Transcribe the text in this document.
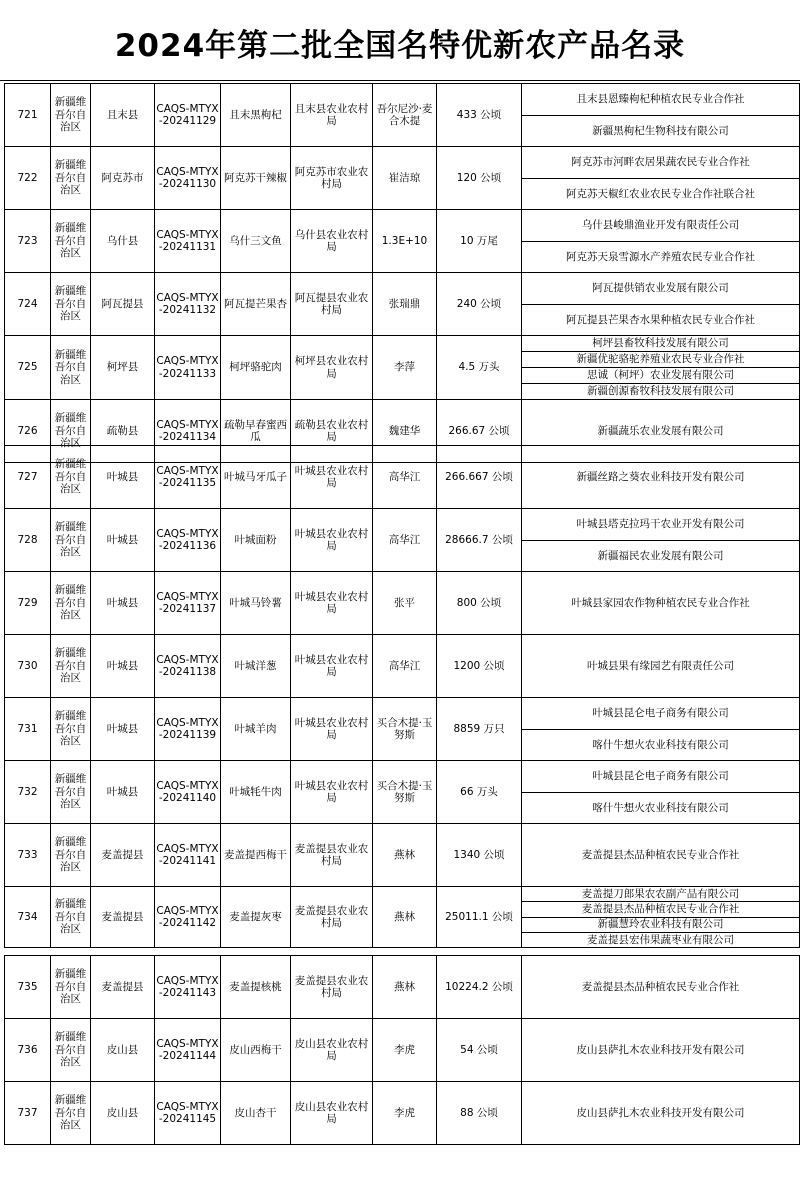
2024年第二批全国名特优新农产品名录
721	新疆维吾尔自治区	且末县	CAQS-MTYX-20241129	且末黑枸杞	且末县农业农村局	吾尔尼沙·麦合木提	433 公顷	且末县恩臻枸杞种植农民专业合作社
新疆黑枸杞生物科技有限公司

722	新疆维吾尔自治区	阿克苏市	CAQS-MTYX-20241130	阿克苏干辣椒	阿克苏市农业农村局	崔洁琼	120 公顷	阿克苏市河畔农居果蔬农民专业合作社
阿克苏天椒红农业农民专业合作社联合社

723	新疆维吾尔自治区	乌什县	CAQS-MTYX-20241131	乌什三文鱼	乌什县农业农村局	1.3E+10	10 万尾	乌什县峻鼎渔业开发有限责任公司
阿克苏天泉雪源水产养殖农民专业合作社

724	新疆维吾尔自治区	阿瓦提县	CAQS-MTYX-20241132	阿瓦提芒果杏	阿瓦提县农业农村局	张瑞鼎	240 公顷	阿瓦提供销农业发展有限公司
阿瓦提县芒果杏水果种植农民专业合作社

725	新疆维吾尔自治区	柯坪县	CAQS-MTYX-20241133	柯坪骆驼肉	柯坪县农业农村局	李萍	4.5 万头	柯坪县畜牧科技发展有限公司
新疆优驼骆驼养殖业农民专业合作社
思诚（柯坪）农业发展有限公司
新疆创源畜牧科技发展有限公司

726	新疆维吾尔自治区	疏勒县	CAQS-MTYX-20241134	疏勒早春蜜西瓜	疏勒县农业农村局	魏建华	266.67 公顷	新疆蔬乐农业发展有限公司
727	新疆维吾尔自治区	叶城县	CAQS-MTYX-20241135	叶城马牙瓜子	叶城县农业农村局	高华江	266.667 公顷	新疆丝路之葵农业科技开发有限公司

728	新疆维吾尔自治区	叶城县	CAQS-MTYX-20241136	叶城面粉	叶城县农业农村局	高华江	28666.7 公顷	叶城县塔克拉玛干农业开发有限公司
新疆福民农业发展有限公司

729	新疆维吾尔自治区	叶城县	CAQS-MTYX-20241137	叶城马铃薯	叶城县农业农村局	张平	800 公顷	叶城县家园农作物种植农民专业合作社

730	新疆维吾尔自治区	叶城县	CAQS-MTYX-20241138	叶城洋葱	叶城县农业农村局	高华江	1200 公顷	叶城县果有缘园艺有限责任公司

731	新疆维吾尔自治区	叶城县	CAQS-MTYX-20241139	叶城羊肉	叶城县农业农村局	买合木提·玉努斯	8859 万只	叶城县昆仑电子商务有限公司
喀什牛想火农业科技有限公司

732	新疆维吾尔自治区	叶城县	CAQS-MTYX-20241140	叶城牦牛肉	叶城县农业农村局	买合木提·玉努斯	66 万头	叶城县昆仑电子商务有限公司
喀什牛想火农业科技有限公司

733	新疆维吾尔自治区	麦盖提县	CAQS-MTYX-20241141	麦盖提西梅干	麦盖提县农业农村局	燕林	1340 公顷	麦盖提县杰品种植农民专业合作社

734	新疆维吾尔自治区	麦盖提县	CAQS-MTYX-20241142	麦盖提灰枣	麦盖提县农业农村局	燕林	25011.1 公顷	麦盖提刀郎果农农副产品有限公司
麦盖提县杰品种植农民专业合作社
新疆慧玲农业科技有限公司
麦盖提县宏伟果蔬枣业有限公司
735	新疆维吾尔自治区	麦盖提县	CAQS-MTYX-20241143	麦盖提核桃	麦盖提县农业农村局	燕林	10224.2 公顷	麦盖提县杰品种植农民专业合作社

736	新疆维吾尔自治区	皮山县	CAQS-MTYX-20241144	皮山西梅干	皮山县农业农村局	李虎	54 公顷	皮山县萨扎木农业科技开发有限公司

737	新疆维吾尔自治区	皮山县	CAQS-MTYX-20241145	皮山杏干	皮山县农业农村局	李虎	88 公顷	皮山县萨扎木农业科技开发有限公司
